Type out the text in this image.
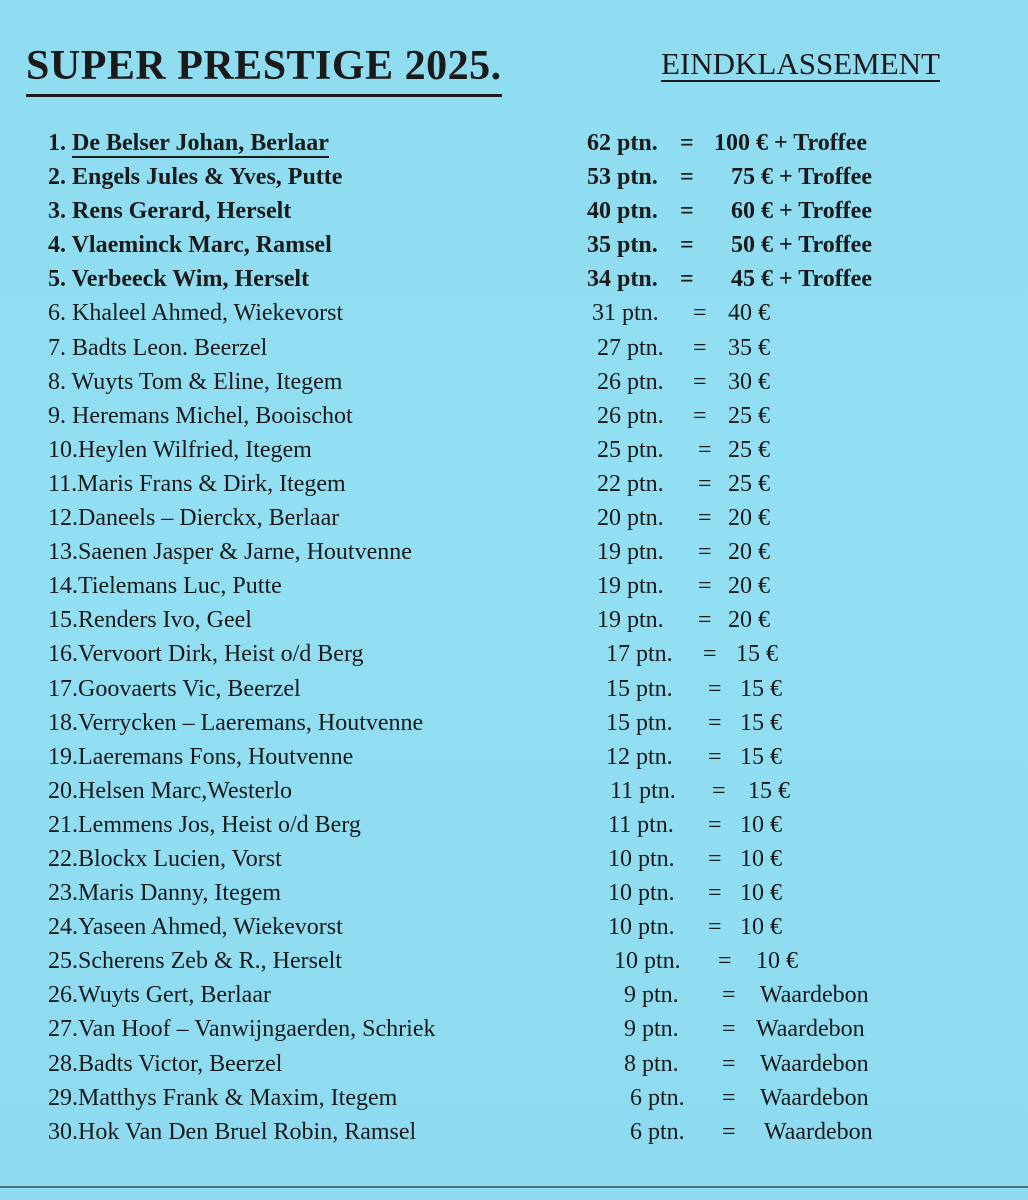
SUPER PRESTIGE 2025.	EINDKLASSEMENT
1. De Belser Johan, Berlaar	62 ptn. = 100 € + Troffee
2. Engels Jules & Yves, Putte	53 ptn. = 75 € + Troffee
3. Rens Gerard, Herselt	40 ptn. = 60 € + Troffee
4. Vlaeminck Marc, Ramsel	35 ptn. = 50 € + Troffee
5. Verbeeck Wim, Herselt	34 ptn. = 45 € + Troffee
6. Khaleel Ahmed, Wiekevorst	31 ptn. = 40 €
7. Badts Leon. Beerzel	27 ptn. = 35 €
8. Wuyts Tom & Eline, Itegem	26 ptn. = 30 €
9. Heremans Michel, Booischot	26 ptn. = 25 €
10.Heylen Wilfried, Itegem	25 ptn. = 25 €
11.Maris Frans & Dirk, Itegem	22 ptn. = 25 €
12.Daneels – Dierckx, Berlaar	20 ptn. = 20 €
13.Saenen Jasper & Jarne, Houtvenne	19 ptn. = 20 €
14.Tielemans Luc, Putte	19 ptn. = 20 €
15.Renders Ivo, Geel	19 ptn. = 20 €
16.Vervoort Dirk, Heist o/d Berg	17 ptn. = 15 €
17.Goovaerts Vic, Beerzel	15 ptn. = 15 €
18.Verrycken – Laeremans, Houtvenne	15 ptn. = 15 €
19.Laeremans Fons, Houtvenne	12 ptn. = 15 €
20.Helsen Marc,Westerlo	11 ptn. = 15 €
21.Lemmens Jos, Heist o/d Berg	11 ptn. = 10 €
22.Blockx Lucien, Vorst	10 ptn. = 10 €
23.Maris Danny, Itegem	10 ptn. = 10 €
24.Yaseen Ahmed, Wiekevorst	10 ptn. = 10 €
25.Scherens Zeb & R., Herselt	10 ptn. = 10 €
26.Wuyts Gert, Berlaar	9 ptn. = Waardebon
27.Van Hoof – Vanwijngaerden, Schriek	9 ptn. = Waardebon
28.Badts Victor, Beerzel	8 ptn. = Waardebon
29.Matthys Frank & Maxim, Itegem	6 ptn. = Waardebon
30.Hok Van Den Bruel Robin, Ramsel	6 ptn. = Waardebon
